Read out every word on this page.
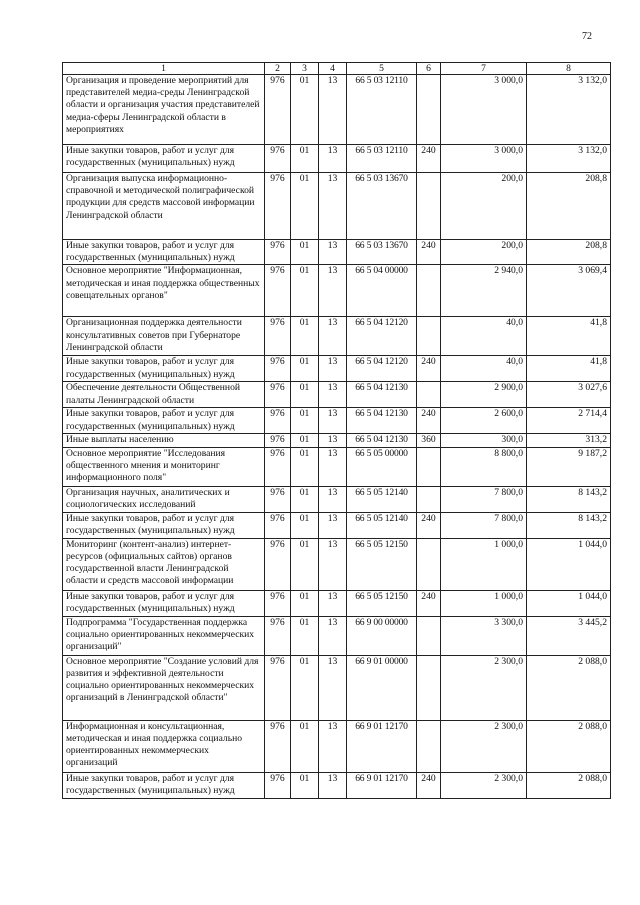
72
1	2	3	4	5	6	7	8
Организация и проведение мероприятий для представителей медиа-среды Ленинградской области и организация участия представителей медиа-сферы Ленинградской области в мероприятиях	976	01	13	66 5 03 12110		3 000,0	3 132,0
Иные закупки товаров, работ и услуг для государственных (муниципальных) нужд	976	01	13	66 5 03 12110	240	3 000,0	3 132,0
Организация выпуска информационно-справочной и методической полиграфической продукции для средств массовой информации Ленинградской области	976	01	13	66 5 03 13670		200,0	208,8
Иные закупки товаров, работ и услуг для государственных (муниципальных) нужд	976	01	13	66 5 03 13670	240	200,0	208,8
Основное мероприятие "Информационная, методическая и иная поддержка общественных совещательных органов"	976	01	13	66 5 04 00000		2 940,0	3 069,4
Организационная поддержка деятельности консультативных советов при Губернаторе Ленинградской области	976	01	13	66 5 04 12120		40,0	41,8
Иные закупки товаров, работ и услуг для государственных (муниципальных) нужд	976	01	13	66 5 04 12120	240	40,0	41,8
Обеспечение деятельности Общественной палаты Ленинградской области	976	01	13	66 5 04 12130		2 900,0	3 027,6
Иные закупки товаров, работ и услуг для государственных (муниципальных) нужд	976	01	13	66 5 04 12130	240	2 600,0	2 714,4
Иные выплаты населению	976	01	13	66 5 04 12130	360	300,0	313,2
Основное мероприятие "Исследования общественного мнения и мониторинг информационного поля"	976	01	13	66 5 05 00000		8 800,0	9 187,2
Организация научных, аналитических и социологических исследований	976	01	13	66 5 05 12140		7 800,0	8 143,2
Иные закупки товаров, работ и услуг для государственных (муниципальных) нужд	976	01	13	66 5 05 12140	240	7 800,0	8 143,2
Мониторинг (контент-анализ) интернет-ресурсов (официальных сайтов) органов государственной власти Ленинградской области и средств массовой информации	976	01	13	66 5 05 12150		1 000,0	1 044,0
Иные закупки товаров, работ и услуг для государственных (муниципальных) нужд	976	01	13	66 5 05 12150	240	1 000,0	1 044,0
Подпрограмма "Государственная поддержка социально ориентированных некоммерческих организаций"	976	01	13	66 9 00 00000		3 300,0	3 445,2
Основное мероприятие "Создание условий для развития и эффективной деятельности социально ориентированных некоммерческих организаций в Ленинградской области"	976	01	13	66 9 01 00000		2 300,0	2 088,0
Информационная и консультационная, методическая и иная поддержка социально ориентированных некоммерческих организаций	976	01	13	66 9 01 12170		2 300,0	2 088,0
Иные закупки товаров, работ и услуг для государственных (муниципальных) нужд	976	01	13	66 9 01 12170	240	2 300,0	2 088,0
